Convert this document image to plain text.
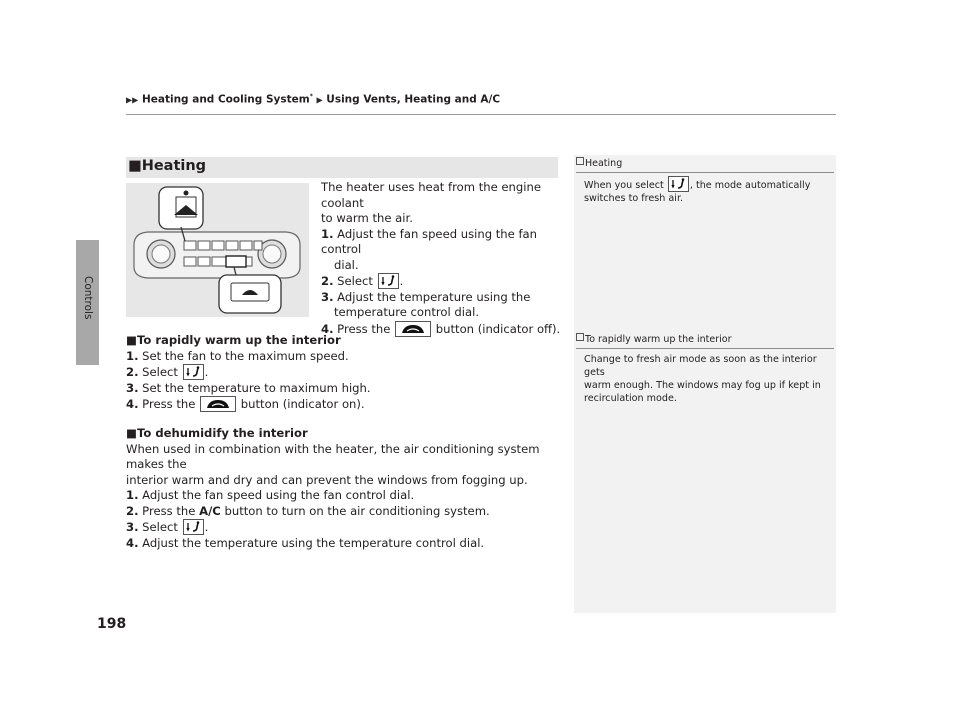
▶▶ Heating and Cooling System* ▶ Using Vents, Heating and A/C
Controls
198
■Heating
The heater uses heat from the engine coolant
to warm the air.
1. Adjust the fan speed using the fan control
dial.
2. Select .
3. Adjust the temperature using the
temperature control dial.
4. Press the	button (indicator off).
■To rapidly warm up the interior
1. Set the fan to the maximum speed.
2. Select .
3. Set the temperature to maximum high.
4. Press the	button (indicator on).
■To dehumidify the interior
When used in combination with the heater, the air conditioning system makes the
interior warm and dry and can prevent the windows from fogging up.
1. Adjust the fan speed using the fan control dial.
2. Press the A/C button to turn on the air conditioning system.
3. Select .
4. Adjust the temperature using the temperature control dial.
Heating
When you select	, the mode automatically
switches to fresh air.
To rapidly warm up the interior
Change to fresh air mode as soon as the interior gets
warm enough. The windows may fog up if kept in
recirculation mode.
